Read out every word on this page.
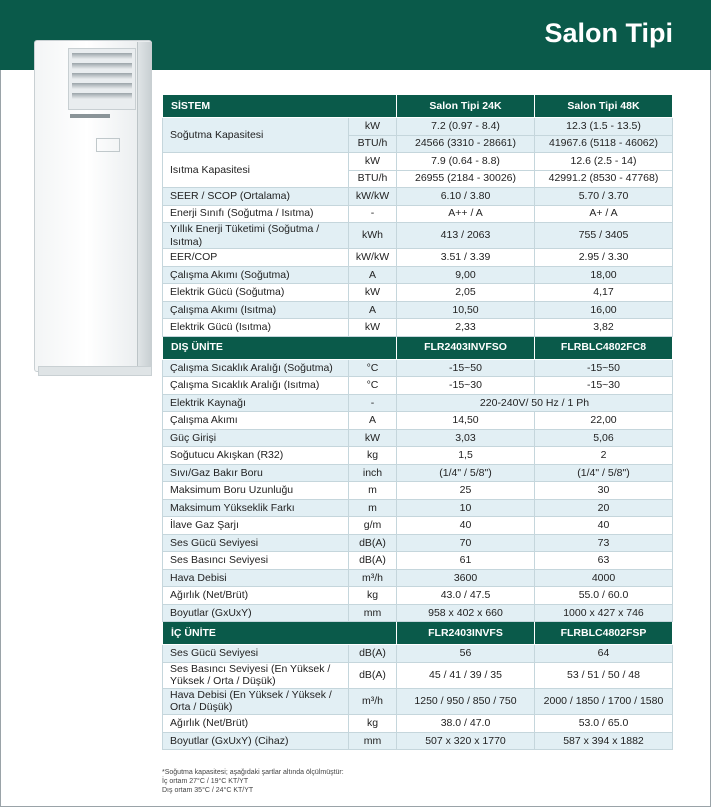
Salon Tipi
SİSTEM		Salon Tipi 24K	Salon Tipi 48K
Soğutma Kapasitesi	kW	7.2 (0.97 - 8.4)	12.3 (1.5 - 13.5)
	BTU/h	24566 (3310 - 28661)	41967.6 (5118 - 46062)
Isıtma Kapasitesi	kW	7.9 (0.64 - 8.8)	12.6 (2.5 - 14)
	BTU/h	26955 (2184 - 30026)	42991.2 (8530 - 47768)
SEER / SCOP (Ortalama)	kW/kW	6.10 / 3.80	5.70 / 3.70
Enerji Sınıfı (Soğutma / Isıtma)	-	A++ / A	A+ / A
Yıllık Enerji Tüketimi (Soğutma / Isıtma)	kWh	413 / 2063	755 / 3405
EER/COP	kW/kW	3.51 / 3.39	2.95 / 3.30
Çalışma Akımı (Soğutma)	A	9,00	18,00
Elektrik Gücü (Soğutma)	kW	2,05	4,17
Çalışma Akımı (Isıtma)	A	10,50	16,00
Elektrik Gücü (Isıtma)	kW	2,33	3,82
DIŞ ÜNİTE		FLR2403INVFSO	FLRBLC4802FC8
Çalışma Sıcaklık Aralığı (Soğutma)	°C	-15~50	-15~50
Çalışma Sıcaklık Aralığı (Isıtma)	°C	-15~30	-15~30
Elektrik Kaynağı	-	220-240V/ 50 Hz / 1 Ph	
Çalışma Akımı	A	14,50	22,00
Güç Girişi	kW	3,03	5,06
Soğutucu Akışkan (R32)	kg	1,5	2
Sıvı/Gaz Bakır Boru	inch	(1/4" / 5/8")	(1/4" / 5/8")
Maksimum Boru Uzunluğu	m	25	30
Maksimum Yükseklik Farkı	m	10	20
İlave Gaz Şarjı	g/m	40	40
Ses Gücü Seviyesi	dB(A)	70	73
Ses Basıncı Seviyesi	dB(A)	61	63
Hava Debisi	m³/h	3600	4000
Ağırlık (Net/Brüt)	kg	43.0 / 47.5	55.0 / 60.0
Boyutlar (GxUxY)	mm	958 x 402 x 660	1000 x 427 x 746
İÇ ÜNİTE		FLR2403INVFS	FLRBLC4802FSP
Ses Gücü Seviyesi	dB(A)	56	64
Ses Basıncı Seviyesi (En Yüksek / Yüksek / Orta / Düşük)	dB(A)	45 / 41 / 39 / 35	53 / 51 / 50 / 48
Hava Debisi (En Yüksek / Yüksek / Orta / Düşük)	m³/h	1250 / 950 / 850 / 750	2000 / 1850 / 1700 / 1580
Ağırlık (Net/Brüt)	kg	38.0 / 47.0	53.0 / 65.0
Boyutlar (GxUxY) (Cihaz)	mm	507 x 320 x 1770	587 x 394 x 1882
*Soğutma kapasitesi; aşağıdaki şartlar altında ölçülmüştür:
İç ortam 27°C / 19°C KT/YT
Dış ortam 35°C / 24°C KT/YT
